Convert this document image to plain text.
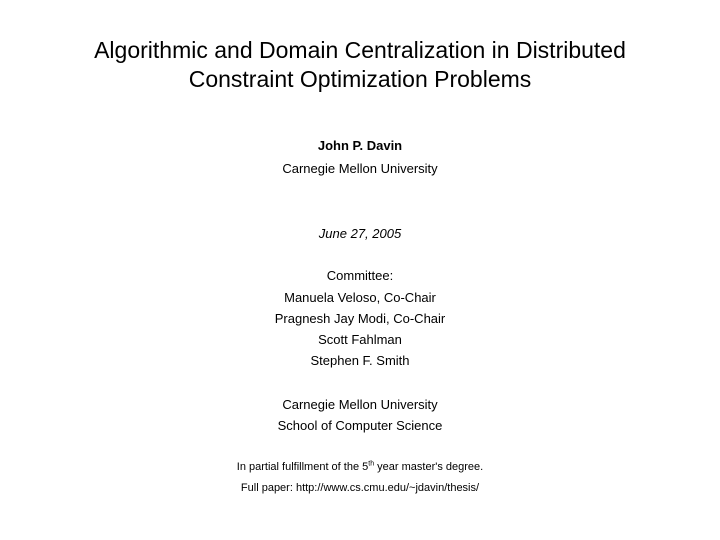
Algorithmic and Domain Centralization in Distributed
Constraint Optimization Problems
John P. Davin
Carnegie Mellon University
June 27, 2005
Committee:
Manuela Veloso, Co-Chair
Pragnesh Jay Modi, Co-Chair
Scott Fahlman
Stephen F. Smith
Carnegie Mellon University
School of Computer Science
In partial fulfillment of the 5th year master's degree.
Full paper: http://www.cs.cmu.edu/~jdavin/thesis/
